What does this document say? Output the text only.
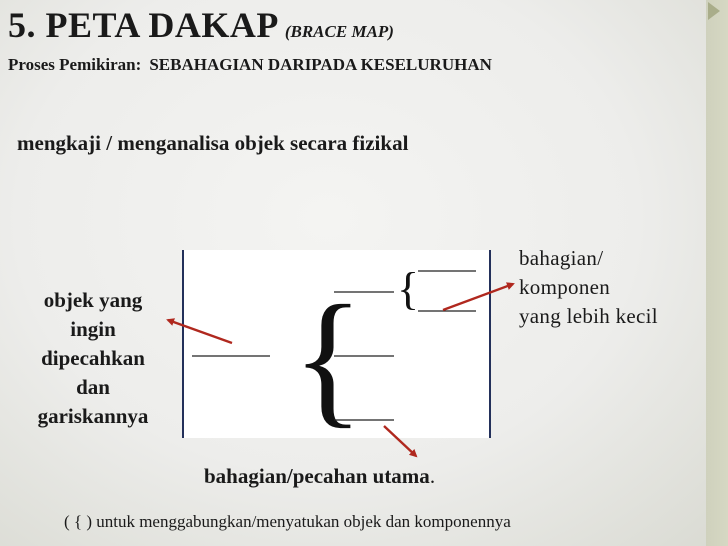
5. PETA DAKAP (BRACE MAP)
Proses Pemikiran: SEBAHAGIAN DARIPADA KESELURUHAN
mengkaji / menganalisa objek secara fizikal
objek yang
ingin
dipecahkan
dan
gariskannya
bahagian/
komponen
yang lebih kecil
bahagian/pecahan utama.
( { ) untuk menggabungkan/menyatukan objek dan komponennya
{ {
